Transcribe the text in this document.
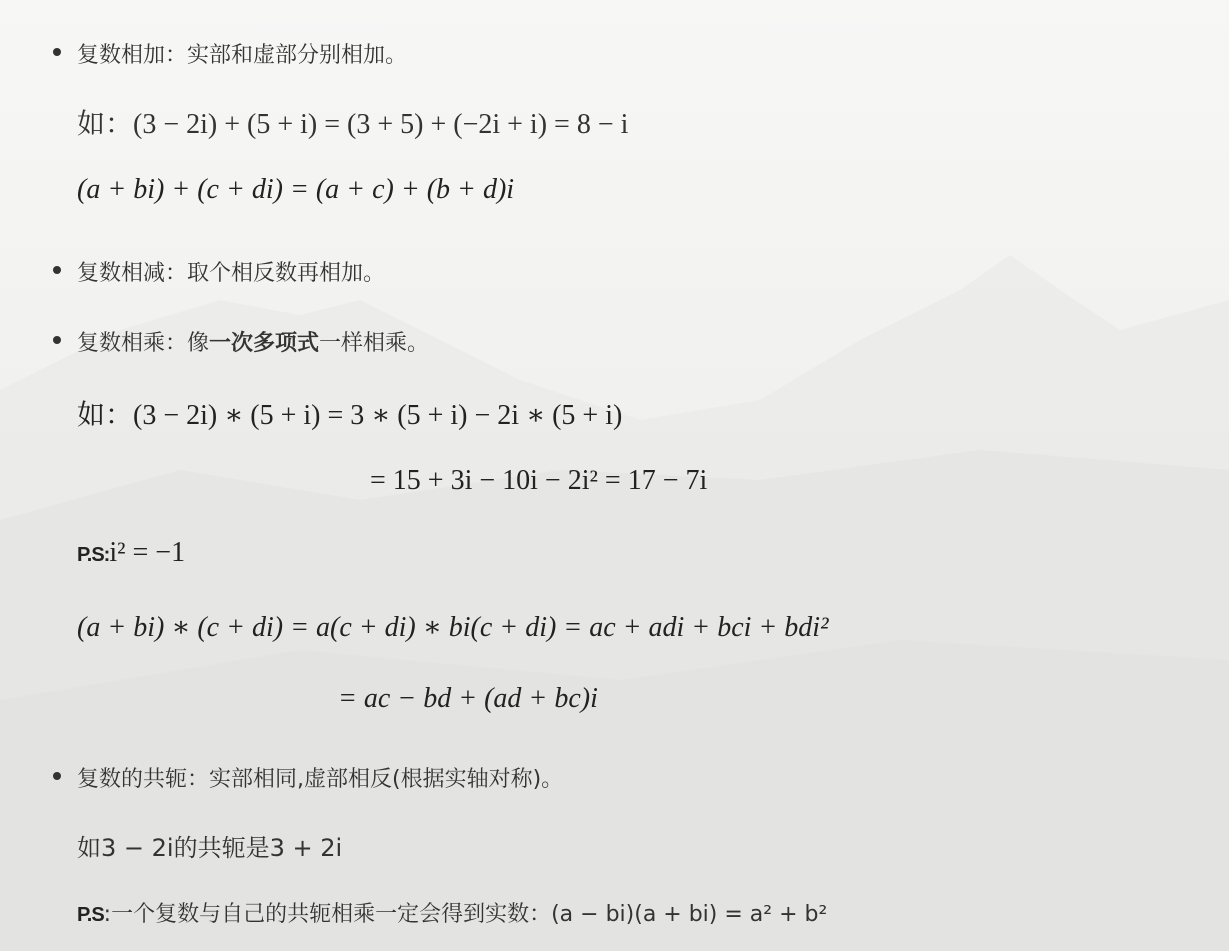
复数相加：实部和虚部分别相加。
如：(3 − 2i) + (5 + i) = (3 + 5) + (−2i + i) = 8 − i
(a + bi) + (c + di) = (a + c) + (b + d)i
复数相减：取个相反数再相加。
复数相乘：像一次多项式一样相乘。
如：(3 − 2i) ∗ (5 + i) = 3 ∗ (5 + i) − 2i ∗ (5 + i)
= 15 + 3i − 10i − 2i² = 17 − 7i
P.S:i² = −1
(a + bi) ∗ (c + di) = a(c + di) ∗ bi(c + di) = ac + adi + bci + bdi²
= ac − bd + (ad + bc)i
复数的共轭：实部相同,虚部相反(根据实轴对称)。
如3 − 2i的共轭是3 + 2i
P.S:一个复数与自己的共轭相乘一定会得到实数：(a − bi)(a + bi) = a² + b²
